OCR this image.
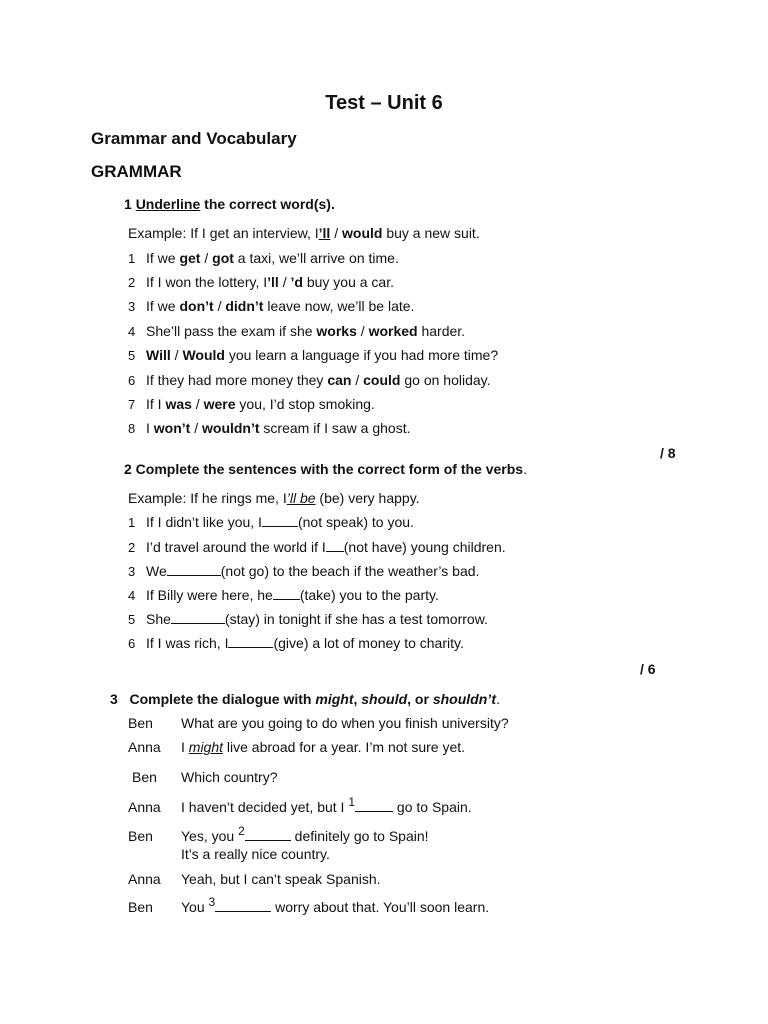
Test – Unit 6
Grammar and Vocabulary
GRAMMAR
1 Underline the correct word(s).
Example: If I get an interview, I’ll / would buy a new suit.
1 If we get / got a taxi, we’ll arrive on time.
2 If I won the lottery, I’ll / ’d buy you a car.
3 If we don’t / didn’t leave now, we’ll be late.
4 She’ll pass the exam if she works / worked harder.
5 Will / Would you learn a language if you had more time?
6 If they had more money they can / could go on holiday.
7 If I was / were you, I’d stop smoking.
8 I won’t / wouldn’t scream if I saw a ghost.
/ 8
2 Complete the sentences with the correct form of the verbs.
Example: If he rings me, I’ll be (be) very happy.
1 If I didn’t like you, I	(not speak) to you.
2 I’d travel around the world if I (not have) young children.
3 We	(not go) to the beach if the weather’s bad.
4 If Billy were here, he (take) you to the party.
5 She	(stay) in tonight if she has a test tomorrow.
6 If I was rich, I	(give) a lot of money to charity.
/ 6
3 Complete the dialogue with might, should, or shouldn’t.
Ben What are you going to do when you finish university?
Anna I might live abroad for a year. I’m not sure yet.
Ben Which country?
Anna I haven’t decided yet, but I 1	go to Spain.
Ben Yes, you 2	definitely go to Spain!
It’s a really nice country.
Anna Yeah, but I can’t speak Spanish.
Ben You 3	worry about that. You’ll soon learn.
